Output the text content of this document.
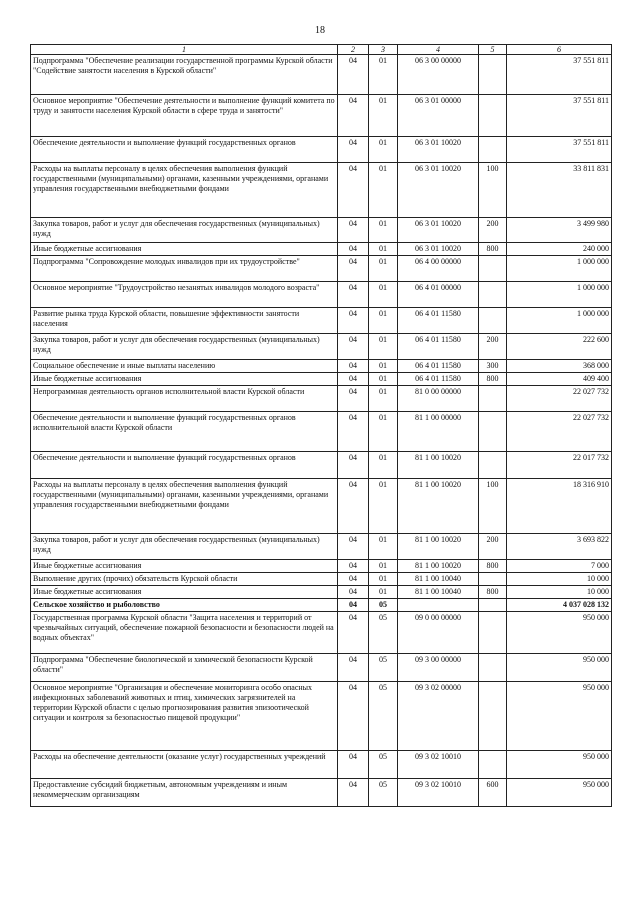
18
1	2	3	4	5	6
Подпрограмма "Обеспечение реализации государственной программы Курской области "Содействие занятости населения в Курской области"	04	01	06 3 00 00000		37 551 811
Основное мероприятие "Обеспечение деятельности и выполнение функций комитета по труду и занятости населения Курской области в сфере труда и занятости"	04	01	06 3 01 00000		37 551 811
Обеспечение деятельности и выполнение функций государственных органов	04	01	06 3 01 10020		37 551 811
Расходы на выплаты персоналу в целях обеспечения выполнения функций государственными (муниципальными) органами, казенными учреждениями, органами управления государственными внебюджетными фондами	04	01	06 3 01 10020	100	33 811 831
Закупка товаров, работ и услуг для обеспечения государственных (муниципальных) нужд	04	01	06 3 01 10020	200	3 499 980
Иные бюджетные ассигнования	04	01	06 3 01 10020	800	240 000
Подпрограмма "Сопровождение молодых инвалидов при их трудоустройстве"	04	01	06 4 00 00000		1 000 000
Основное мероприятие "Трудоустройство незанятых инвалидов молодого возраста"	04	01	06 4 01 00000		1 000 000
Развитие рынка труда Курской области, повышение эффективности занятости населения	04	01	06 4 01 11580		1 000 000
Закупка товаров, работ и услуг для обеспечения государственных (муниципальных) нужд	04	01	06 4 01 11580	200	222 600
Социальное обеспечение и иные выплаты населению	04	01	06 4 01 11580	300	368 000
Иные бюджетные ассигнования	04	01	06 4 01 11580	800	409 400
Непрограммная деятельность органов исполнительной власти Курской области	04	01	81 0 00 00000		22 027 732
Обеспечение деятельности и выполнение функций государственных органов исполнительной власти Курской области	04	01	81 1 00 00000		22 027 732
Обеспечение деятельности и выполнение функций государственных органов	04	01	81 1 00 10020		22 017 732
Расходы на выплаты персоналу в целях обеспечения выполнения функций государственными (муниципальными) органами, казенными учреждениями, органами управления государственными внебюджетными фондами	04	01	81 1 00 10020	100	18 316 910
Закупка товаров, работ и услуг для обеспечения государственных (муниципальных) нужд	04	01	81 1 00 10020	200	3 693 822
Иные бюджетные ассигнования	04	01	81 1 00 10020	800	7 000
Выполнение других (прочих) обязательств Курской области	04	01	81 1 00 10040		10 000
Иные бюджетные ассигнования	04	01	81 1 00 10040	800	10 000
Сельское хозяйство и рыболовство	04	05			4 037 028 132
Государственная программа Курской области "Защита населения и территорий от чрезвычайных ситуаций, обеспечение пожарной безопасности и безопасности людей на водных объектах"	04	05	09 0 00 00000		950 000
Подпрограмма "Обеспечение биологической и химической безопасности Курской области"	04	05	09 3 00 00000		950 000
Основное мероприятие "Организация и обеспечение мониторинга особо опасных инфекционных заболеваний животных и птиц, химических загрязнителей на территории Курской области с целью прогнозирования развития эпизоотической ситуации и контроля за безопасностью пищевой продукции"	04	05	09 3 02 00000		950 000
Расходы на обеспечение деятельности (оказание услуг) государственных учреждений	04	05	09 3 02 10010		950 000
Предоставление субсидий бюджетным, автономным учреждениям и иным некоммерческим организациям	04	05	09 3 02 10010	600	950 000
